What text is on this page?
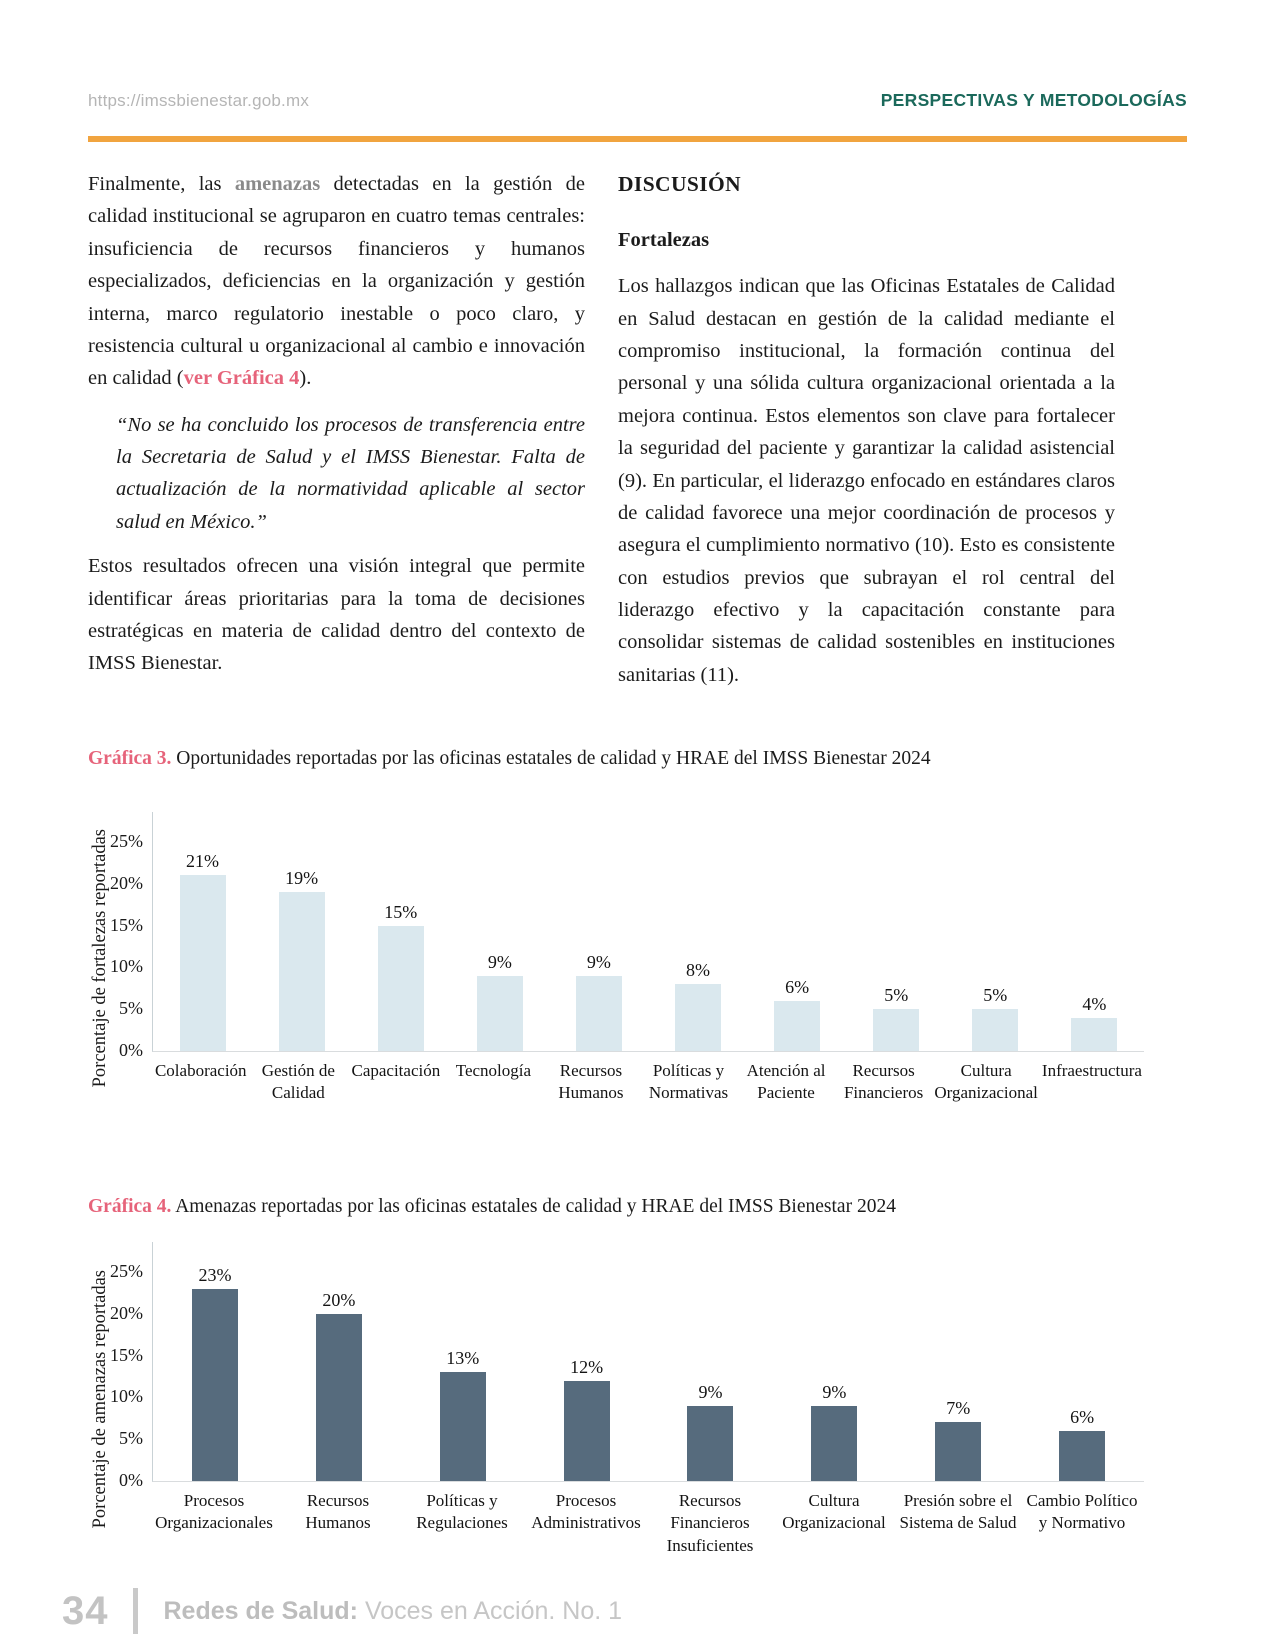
https://imssbienestar.gob.mx	PERSPECTIVAS Y METODOLOGÍAS

Finalmente, las amenazas detectadas en la gestión de calidad institucional se agruparon en cuatro temas centrales: insuficiencia de recursos financieros y humanos especializados, deficiencias en la organización y gestión interna, marco regulatorio inestable o poco claro, y resistencia cultural u organizacional al cambio e innovación en calidad (ver Gráfica 4).

“No se ha concluido los procesos de transferencia entre la Secretaria de Salud y el IMSS Bienestar. Falta de actualización de la normatividad aplicable al sector salud en México.”

Estos resultados ofrecen una visión integral que permite identificar áreas prioritarias para la toma de decisiones estratégicas en materia de calidad dentro del contexto de IMSS Bienestar.

DISCUSIÓN
Fortalezas

Los hallazgos indican que las Oficinas Estatales de Calidad en Salud destacan en gestión de la calidad mediante el compromiso institucional, la formación continua del personal y una sólida cultura organizacional orientada a la mejora continua. Estos elementos son clave para fortalecer la seguridad del paciente y garantizar la calidad asistencial (9). En particular, el liderazgo enfocado en estándares claros de calidad favorece una mejor coordinación de procesos y asegura el cumplimiento normativo (10). Esto es consistente con estudios previos que subrayan el rol central del liderazgo efectivo y la capacitación constante para consolidar sistemas de calidad sostenibles en instituciones sanitarias (11).

Gráfica 3. Oportunidades reportadas por las oficinas estatales de calidad y HRAE del IMSS Bienestar 2024
Porcentaje de fortalezas reportadas 0%
5%
10%
15%
20%
25%
21%
19%
15%
9%	9%	8%
6%	5%	5%	4%
Colaboración Gestión de Calidad
Capacitación Tecnología	Recursos Humanos
Políticas y Normativas
Atención al Paciente
Recursos Financieros
Cultura Organizacional
Infraestructura
Gráfica 4. Amenazas reportadas por las oficinas estatales de calidad y HRAE del IMSS Bienestar 2024
Porcentaje de amenazas reportadas 0%
5%
10%
15%
20%
25%	23%
20%
13%	12%
9%	9%
7%	6%
Procesos Organizacionales
Recursos Humanos
Políticas y Regulaciones
Procesos Administrativos
Recursos Financieros Insuficientes
Cultura Organizacional
Presión sobre el Sistema de Salud
Cambio Político y Normativo
34 Redes de Salud: Voces en Acción. No. 1
